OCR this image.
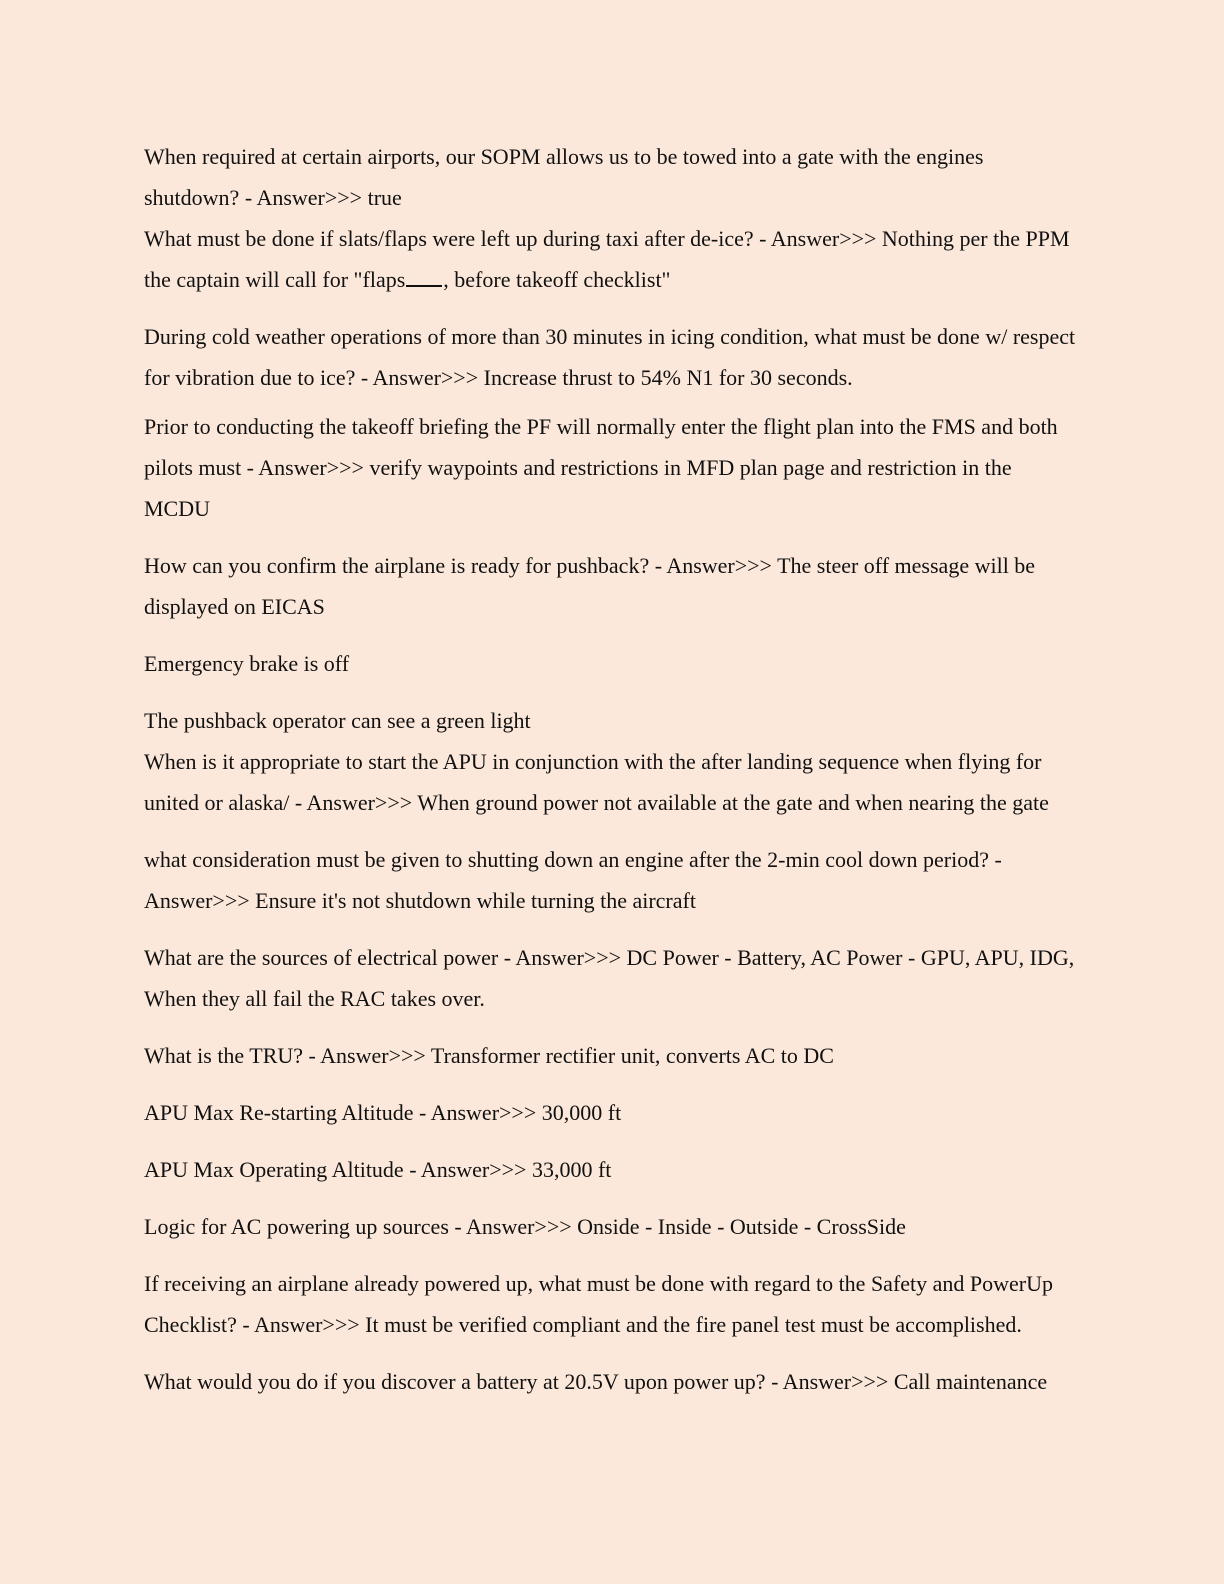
When required at certain airports, our SOPM allows us to be towed into a gate with the engines shutdown? - Answer>>> true

What must be done if slats/flaps were left up during taxi after de-ice? - Answer>>> Nothing per the PPM the captain will call for "flaps , before takeoff checklist"

During cold weather operations of more than 30 minutes in icing condition, what must be done w/ respect for vibration due to ice? - Answer>>> Increase thrust to 54% N1 for 30 seconds.

Prior to conducting the takeoff briefing the PF will normally enter the flight plan into the FMS and both pilots must - Answer>>> verify waypoints and restrictions in MFD plan page and restriction in the MCDU

How can you confirm the airplane is ready for pushback? - Answer>>> The steer off message will be displayed on EICAS

Emergency brake is off

The pushback operator can see a green light

When is it appropriate to start the APU in conjunction with the after landing sequence when flying for united or alaska/ - Answer>>> When ground power not available at the gate and when nearing the gate

what consideration must be given to shutting down an engine after the 2-min cool down period? - Answer>>> Ensure it's not shutdown while turning the aircraft

What are the sources of electrical power - Answer>>> DC Power - Battery, AC Power - GPU, APU, IDG, When they all fail the RAC takes over.

What is the TRU? - Answer>>> Transformer rectifier unit, converts AC to DC

APU Max Re-starting Altitude - Answer>>> 30,000 ft

APU Max Operating Altitude - Answer>>> 33,000 ft

Logic for AC powering up sources - Answer>>> Onside - Inside - Outside - CrossSide

If receiving an airplane already powered up, what must be done with regard to the Safety and PowerUp Checklist? - Answer>>> It must be verified compliant and the fire panel test must be accomplished.

What would you do if you discover a battery at 20.5V upon power up? - Answer>>> Call maintenance
